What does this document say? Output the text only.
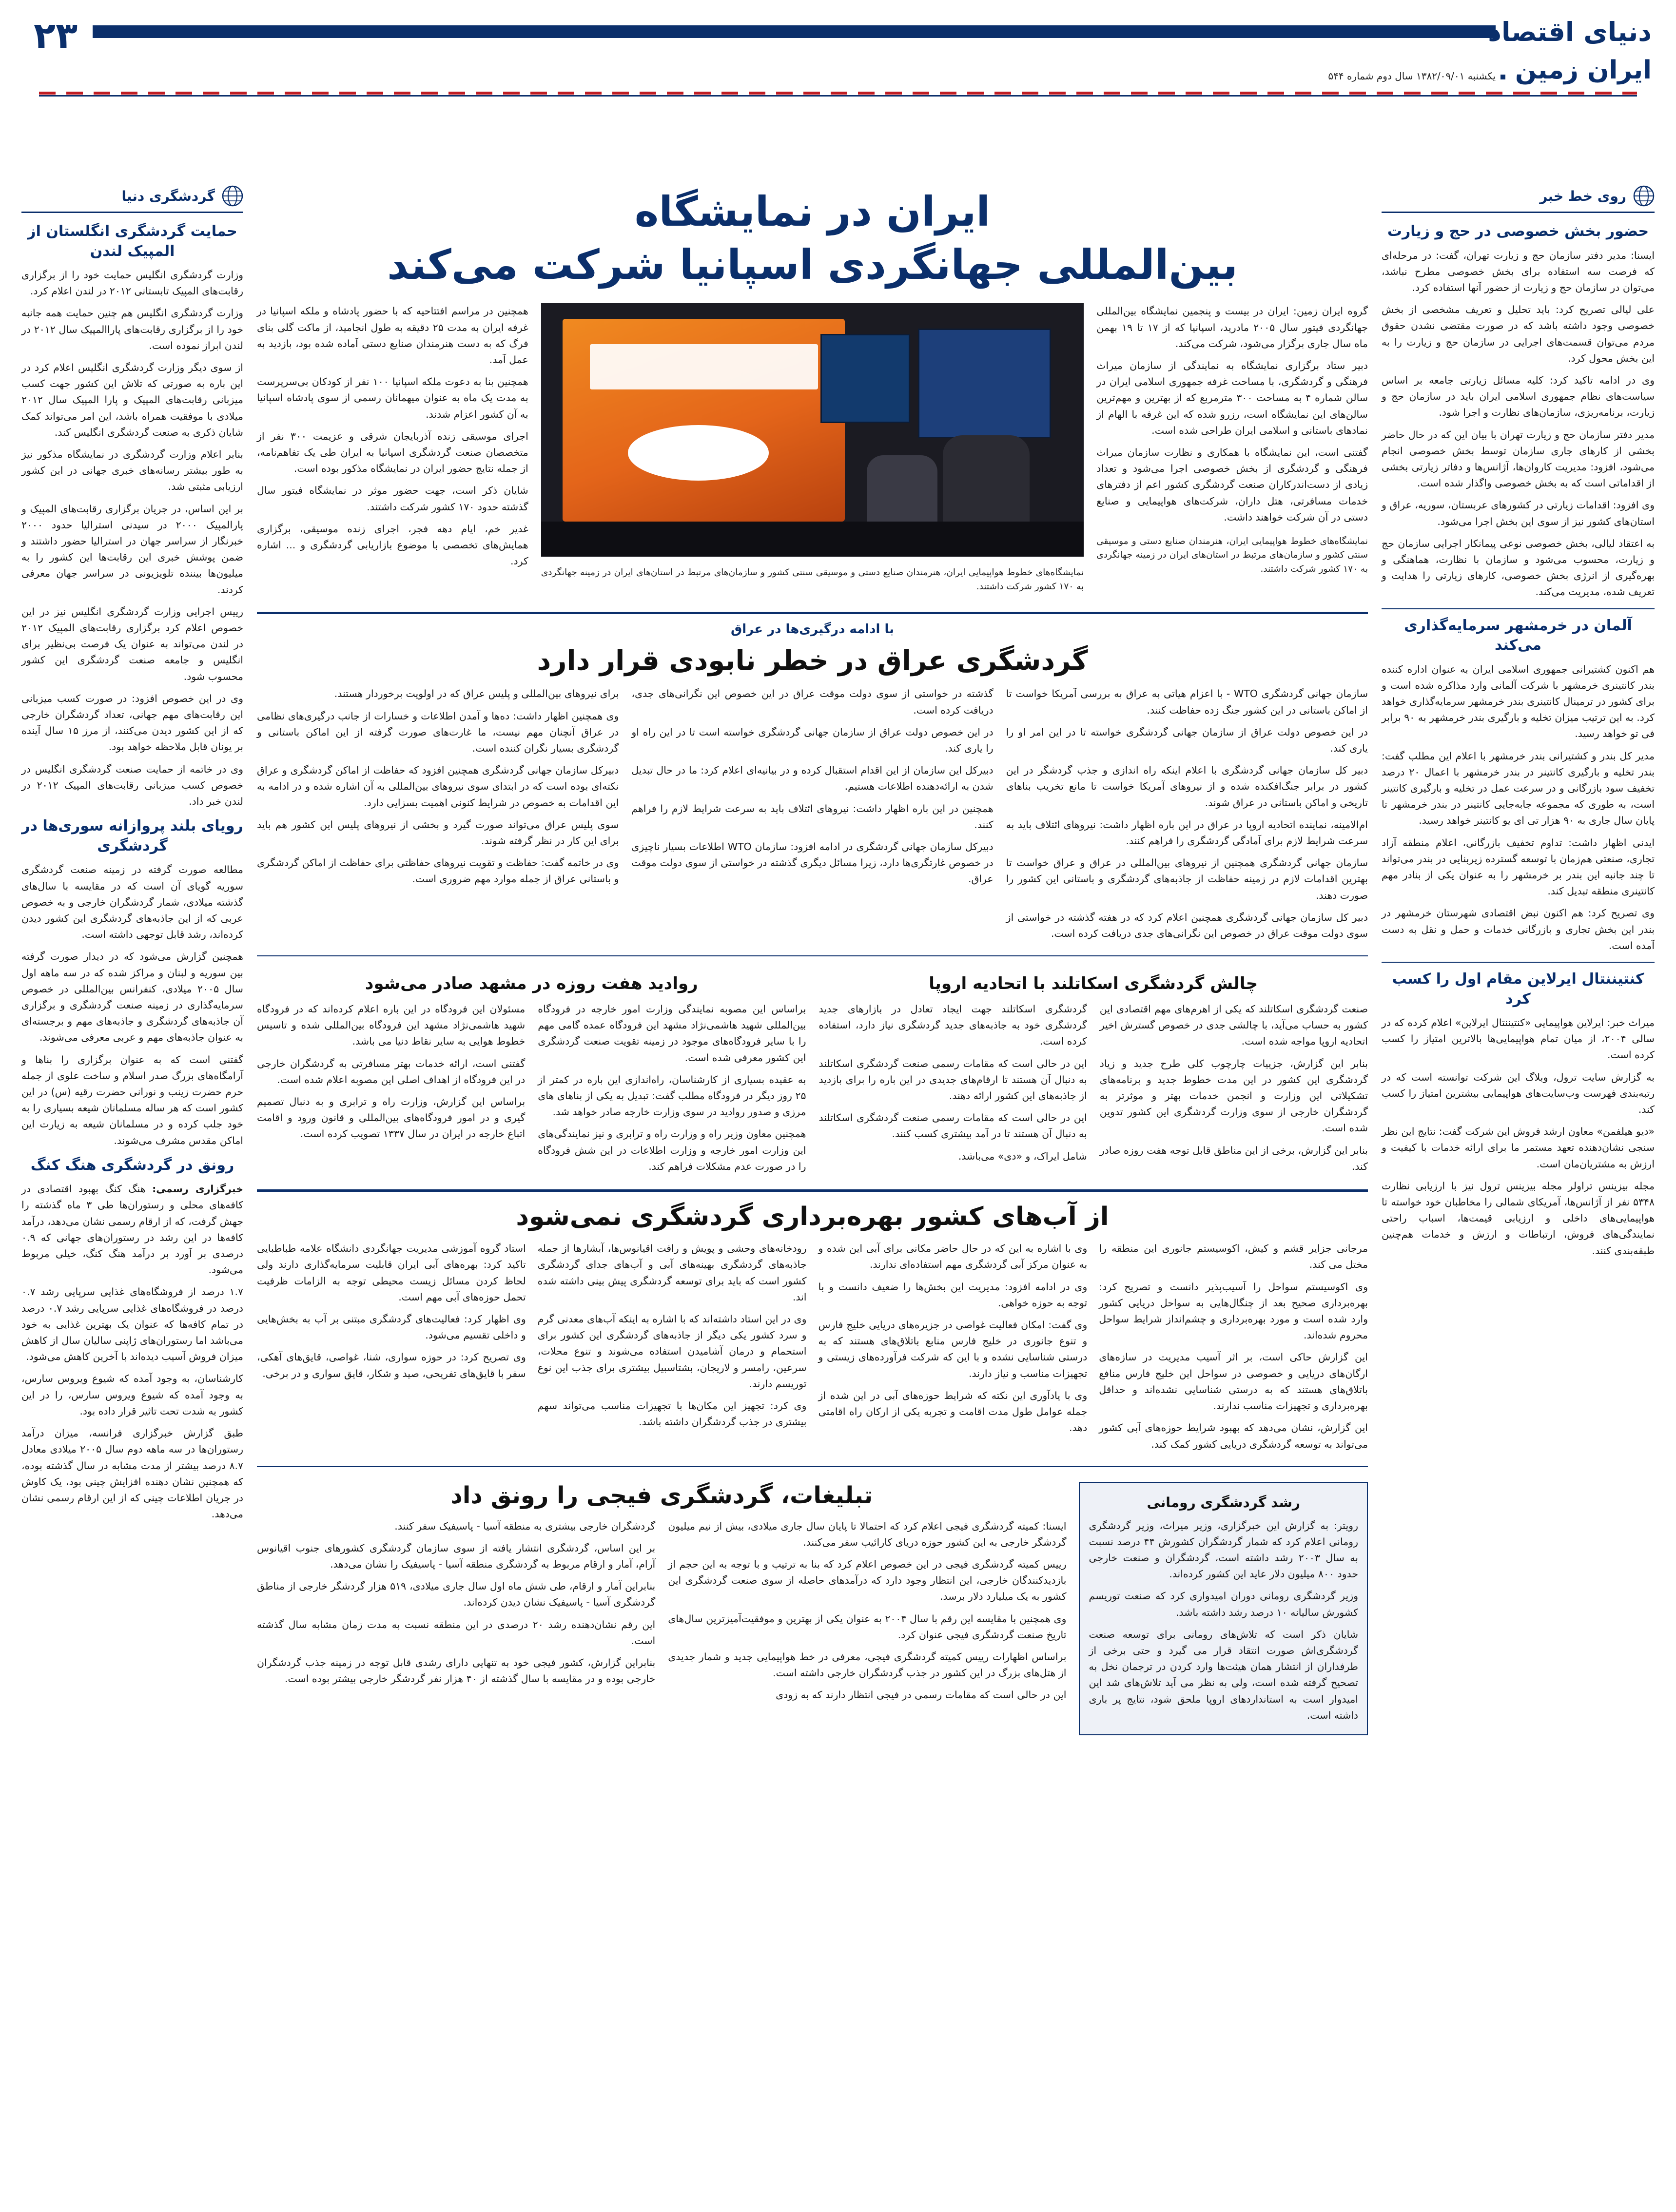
۲۳	دنیای اقتصاد
ایران زمین
یکشنبه ۱۳۸۲/۰۹/۰۱ سال دوم شماره ۵۴۴
روی خط خبر
حضور بخش خصوصی در حج و زیارت

ایسنا: مدیر دفتر سازمان حج و زیارت تهران، گفت: در مرحله‌ای که فرصت سه استفاده برای بخش خصوصی مطرح نباشد، می‌توان در سازمان حج و زیارت از حضور آنها استفاده کرد.

علی لیالی تصریح کرد: باید تحلیل و تعریف مشخصی از بخش خصوصی وجود داشته باشد که در صورت مقتضی نشدن حقوق مردم می‌توان قسمت‌های اجرایی در سازمان حج و زیارت را به این بخش محول کرد.

وی در ادامه تاکید کرد: کلیه مسائل زیارتی جامعه بر اساس سیاست‌های نظام جمهوری اسلامی ایران باید در سازمان حج و زیارت، برنامه‌ریزی، سازمان‌های نظارت و اجرا شود.

مدیر دفتر سازمان حج و زیارت تهران با بیان این که در حال حاضر بخشی از کارهای جاری سازمان توسط بخش خصوصی انجام می‌شود، افزود: مدیریت کاروان‌ها، آژانس‌ها و دفاتر زیارتی بخشی از اقداماتی است که به بخش خصوصی واگذار شده است.

وی افزود: اقدامات زیارتی در کشورهای عربستان، سوریه، عراق و استان‌های کشور نیز از سوی این بخش اجرا می‌شود.

به اعتقاد لیالی، بخش خصوصی نوعی پیمانکار اجرایی سازمان حج و زیارت، محسوب می‌شود و سازمان با نظارت، هماهنگی و بهره‌گیری از انرژی بخش خصوصی، کارهای زیارتی را هدایت و تعریف شده، مدیریت می‌کند.

آلمان در خرمشهر سرمایه‌گذاری می‌کند

هم اکنون کشتیرانی جمهوری اسلامی ایران به عنوان اداره کننده بندر کانتینری خرمشهر با شرکت آلمانی وارد مذاکره شده است و برای کشور در ترمینال کانتینری بندر خرمشهر سرمایه‌گذاری خواهد کرد. به این ترتیب میزان تخلیه و بارگیری بندر خرمشهر به ۹۰ برابر فی تو خواهد رسید.

مدیر کل بندر و کشتیرانی بندر خرمشهر با اعلام این مطلب گفت: بندر تخلیه و بارگیری کانتینر در بندر خرمشهر با اعمال ۲۰ درصد تخفیف سود بازرگانی و در سرعت عمل در تخلیه و بارگیری کانتینر است، به طوری که مجموعه جابه‌جایی کانتینر در بندر خرمشهر تا پایان سال جاری به ۹۰ هزار تی ای یو کانتینر خواهد رسید.

ایدنی اظهار داشت: تداوم تخفیف بازرگانی، اعلام منطقه آزاد تجاری، صنعتی هم‌زمان با توسعه گسترده زیربنایی در بندر می‌تواند تا چند جانبه این بندر بر خرمشهر را به عنوان یکی از بنادر مهم کانتینری منطقه تبدیل کند.

وی تصریح کرد: هم اکنون نبض اقتصادی شهرستان خرمشهر در بندر این بخش تجاری و بازرگانی خدمات و حمل و نقل به دست آمده است.

کنتیننتال ایرلاین مقام اول را کسب کرد

میراث خبر: ایرلاین هواپیمایی «کنتیننتال ایرلاین» اعلام کرده که در سالی ۲۰۰۴، از میان تمام هواپیمایی‌ها بالاترین امتیاز را کسب کرده است.

به گزارش سایت ترول، وبلاگ این شرکت توانسته است که در رتبه‌بندی فهرست وب‌سایت‌های هواپیمایی بیشترین امتیاز را کسب کند.

«دیو هیلفمن» معاون ارشد فروش این شرکت گفت: نتایج این نظر سنجی نشان‌دهنده تعهد مستمر ما برای ارائه خدمات با کیفیت و ارزش به مشتریان‌مان است.

مجله بیزینس تراولر مجله بیزینس ترول نیز با ارزیابی نظارت ۵۳۴۸ نفر از آژانس‌ها، آمریکای شمالی را مخاطبان خود خواسته تا هواپیمایی‌های داخلی و ارزیابی قیمت‌ها، اسباب راحتی نمایندگی‌های فروش، ارتباطات و ارزش و خدمات هم‌چنین طبقه‌بندی کنند.

گردشگری دنیا
حمایت گردشگری انگلستان از المپیک لندن

وزارت گردشگری انگلیس حمایت خود را از برگزاری رقابت‌های المپیک تابستانی ۲۰۱۲ در لندن اعلام کرد.

وزارت گردشگری انگلیس هم چنین حمایت همه جانبه خود را از برگزاری رقابت‌های پاراالمپیک سال ۲۰۱۲ در لندن ابراز نموده است.

از سوی دیگر وزارت گردشگری انگلیس اعلام کرد در این باره به صورتی که تلاش این کشور جهت کسب میزبانی رقابت‌های المپیک و پارا المپیک سال ۲۰۱۲ میلادی با موفقیت همراه باشد، این امر می‌تواند کمک شایان ذکری به صنعت گردشگری انگلیس کند.

بنابر اعلام وزارت گردشگری در نمایشگاه مذکور نیز به طور بیشتر رسانه‌های خبری جهانی در این کشور ارزیابی مثبتی شد.

بر این اساس، در جریان برگزاری رقابت‌های المپیک و پارالمپیک ۲۰۰۰ در سیدنی استرالیا حدود ۲۰۰۰ خبرنگار از سراسر جهان در استرالیا حضور داشتند و ضمن پوشش خبری این رقابت‌ها این کشور را به میلیون‌ها بیننده تلویزیونی در سراسر جهان معرفی کردند.

رییس اجرایی وزارت گردشگری انگلیس نیز در این خصوص اعلام کرد برگزاری رقابت‌های المپیک ۲۰۱۲ در لندن می‌تواند به عنوان یک فرصت بی‌نظیر برای انگلیس و جامعه صنعت گردشگری این کشور محسوب شود.

وی در این خصوص افزود: در صورت کسب میزبانی این رقابت‌های مهم جهانی، تعداد گردشگران خارجی که از این کشور دیدن می‌کنند، از مرز ۱۵ سال آینده بر یونان قابل ملاحظه خواهد بود.

وی در خاتمه از حمایت صنعت گردشگری انگلیس در خصوص کسب میزبانی رقابت‌های المپیک ۲۰۱۲ در لندن خبر داد.

رویای بلند پروازانه سوری‌ها در گردشگری

مطالعه صورت گرفته در زمینه صنعت گردشگری سوریه گویای آن است که در مقایسه با سال‌های گذشته میلادی، شمار گردشگران خارجی و به خصوص عربی که از این جاذبه‌های گردشگری این کشور دیدن کرده‌اند، رشد قابل توجهی داشته است.

همچنین گزارش می‌شود که در دیدار صورت گرفته بین سوریه و لبنان و مراکز شده که در سه ماهه اول سال ۲۰۰۵ میلادی، کنفرانس بین‌المللی در خصوص سرمایه‌گذاری در زمینه صنعت گردشگری و برگزاری آن جاذبه‌های گردشگری و جاذبه‌های مهم و برجسته‌ای به عنوان جاذبه‌های مهم و عربی معرفی می‌شوند.

گفتنی است که به عنوان برگزاری را بناها و آرامگاه‌های بزرگ صدر اسلام و ساخت علوی از جمله حرم حضرت زینب و نورانی حضرت رقیه (س) در این کشور است که هر ساله مسلمانان شیعه بسیاری را به خود جلب کرده و در مسلمانان شیعه به زیارت این اماکن مقدس مشرف می‌شوند.

رونق در گردشگری هنگ کنگ

خبرگزاری رسمی: هنگ کنگ بهبود اقتصادی در کافه‌های محلی و رستوران‌ها طی ۳ ماه گذشته را جهش گرفت، که از ارقام رسمی نشان می‌دهد، درآمد کافه‌ها در این رشد در رستوران‌های جهانی که ۰.۹ درصدی بر آورد بر درآمد هنگ کنگ، خیلی مربوط می‌شود.

۱.۷ درصد از فروشگاه‌های غذایی سرپایی رشد ۰.۷ درصد در فروشگاه‌های غذایی سرپایی رشد ۰.۷ درصد در تمام کافه‌ها که عنوان یک بهترین غذایی به خود می‌باشد اما رستوران‌های ژاپنی سالیان سال از کاهش میزان فروش آسیب دیده‌اند با آخرین کاهش می‌شود.

کارشناسان، به وجود آمده که شیوع ویروس سارس، به وجود آمده که شیوع ویروس سارس، را در این کشور به شدت تحت تاثیر قرار داده بود.

طبق گزارش خبرگزاری فرانسه، میزان درآمد رستوران‌ها در سه ماهه دوم سال ۲۰۰۵ میلادی معادل ۸.۷ درصد بیشتر از مدت مشابه در سال گذشته بوده، که همچنین نشان دهنده افزایش چینی بود، یک کاوش در جریان اطلاعات چینی که از این ارقام رسمی نشان می‌دهد.

ایران در نمایشگاه
بین‌المللی جهانگردی اسپانیا شرکت می‌کند

گروه ایران زمین: ایران در بیست و پنجمین نمایشگاه بین‌المللی جهانگردی فیتور سال ۲۰۰۵ مادرید، اسپانیا که از ۱۷ تا ۱۹ بهمن ماه سال جاری برگزار می‌شود، شرکت می‌کند.

دبیر ستاد برگزاری نمایشگاه به نمایندگی از سازمان میراث فرهنگی و گردشگری، با مساحت غرفه جمهوری اسلامی ایران در سالن شماره ۴ به مساحت ۳۰۰ مترمربع که از بهترین و مهم‌ترین سالن‌های این نمایشگاه است، رزرو شده که این غرفه با الهام از نمادهای باستانی و اسلامی ایران طراحی شده است.

گفتنی است، این نمایشگاه با همکاری و نظارت سازمان میراث فرهنگی و گردشگری از بخش خصوصی اجرا می‌شود و تعداد زیادی از دست‌اندرکاران صنعت گردشگری کشور اعم از دفترهای خدمات مسافرتی، هتل داران، شرکت‌های هواپیمایی و صنایع دستی در آن شرکت خواهند داشت.

نمایشگاه‌های خطوط هواپیمایی ایران، هنرمندان صنایع دستی و موسیقی سنتی کشور و سازمان‌های مرتبط در استان‌های ایران در زمینه جهانگردی به ۱۷۰ کشور شرکت داشتند.

نمایشگاه‌های خطوط هواپیمایی ایران، هنرمندان صنایع دستی و موسیقی سنتی کشور و سازمان‌های مرتبط در استان‌های ایران در زمینه جهانگردی به ۱۷۰ کشور شرکت داشتند.

همچنین در مراسم افتتاحیه که با حضور پادشاه و ملکه اسپانیا در غرفه ایران به مدت ۲۵ دقیقه به طول انجامید، از ماکت گلی بنای فرگ که به دست هنرمندان صنایع دستی آماده شده بود، بازدید به عمل آمد.

همچنین بنا به دعوت ملکه اسپانیا ۱۰۰ نفر از کودکان بی‌سرپرست به مدت یک ماه به عنوان میهمانان رسمی از سوی پادشاه اسپانیا به آن کشور اعزام شدند.

اجرای موسیقی زنده آذربایجان شرقی و عزیمت ۳۰۰ نفر از متخصصان صنعت گردشگری اسپانیا به ایران طی یک تفاهم‌نامه، از جمله نتایج حضور ایران در نمایشگاه مذکور بوده است.

شایان ذکر است، جهت حضور موثر در نمایشگاه فیتور سال گذشته حدود ۱۷۰ کشور شرکت داشتند.

غدیر خم، ایام دهه فجر، اجرای زنده موسیقی، برگزاری همایش‌های تخصصی با موضوع بازاریابی گردشگری و ... اشاره کرد.

با ادامه درگیری‌ها در عراق
گردشگری عراق در خطر نابودی قرار دارد

سازمان جهانی گردشگری WTO - با اعزام هیاتی به عراق به بررسی آمریکا خواست تا از اماکن باستانی در این کشور جنگ زده حفاظت کنند.

در این خصوص دولت عراق از سازمان جهانی گردشگری خواسته تا در این امر او را یاری کند.

دبیر کل سازمان جهانی گردشگری با اعلام اینکه راه اندازی و جذب گردشگر در این کشور در برابر جنگ‌افکنده شده و از نیروهای آمریکا خواست تا مانع تخریب بناهای تاریخی و اماکن باستانی در عراق شوند.

ام‌الامینه، نماینده اتحادیه اروپا در عراق در این باره اظهار داشت: نیروهای ائتلاف باید به سرعت شرایط لازم برای آمادگی گردشگری را فراهم کنند.

سازمان جهانی گردشگری همچنین از نیروهای بین‌المللی در عراق و عراق خواست تا بهترین اقدامات لازم در زمینه حفاظت از جاذبه‌های گردشگری و باستانی این کشور را صورت دهند.

دبیر کل سازمان جهانی گردشگری همچنین اعلام کرد که در هفته گذشته در خواستی از سوی دولت موقت عراق در خصوص این نگرانی‌های جدی دریافت کرده است.

گذشته در خواستی از سوی دولت موقت عراق در این خصوص این نگرانی‌های جدی، دریافت کرده است.

در این خصوص دولت عراق از سازمان جهانی گردشگری خواسته است تا در این راه او را یاری کند.

دبیرکل این سازمان از این اقدام استقبال کرده و در بیانیه‌ای اعلام کرد: ما در حال تبدیل شدن به ارائه‌دهنده اطلاعات هستیم.

همچنین در این باره اظهار داشت: نیروهای ائتلاف باید به سرعت شرایط لازم را فراهم کنند.

دبیرکل سازمان جهانی گردشگری در ادامه افزود: سازمان WTO اطلاعات بسیار ناچیزی در خصوص غارتگری‌ها دارد، زیرا مسائل دیگری گذشته در خواستی از سوی دولت موقت عراق.

برای نیروهای بین‌المللی و پلیس عراق که در اولویت برخوردار هستند.

وی همچنین اظهار داشت: ده‌ها و آمدن اطلاعات و خسارات از جانب درگیری‌های نظامی در عراق آنچنان مهم نیست، ما غارت‌های صورت گرفته از این اماکن باستانی و گردشگری بسیار نگران کننده است.

دبیرکل سازمان جهانی گردشگری همچنین افزود که حفاظت از اماکن گردشگری و عراق نکته‌ای بوده است که در ابتدای سوی نیروهای بین‌المللی به آن اشاره شده و در ادامه به این اقدامات به خصوص در شرایط کنونی اهمیت بسزایی دارد.

سوی پلیس عراق می‌تواند صورت گیرد و بخشی از نیروهای پلیس این کشور هم باید برای این کار در نظر گرفته شوند.

وی در خاتمه گفت: حفاظت و تقویت نیروهای حفاظتی برای حفاظت از اماکن گردشگری و باستانی عراق از جمله موارد مهم ضروری است.

چالش گردشگری اسکاتلند با اتحادیه اروپا

صنعت گردشگری اسکاتلند که یکی از اهرم‌های مهم اقتصادی این کشور به حساب می‌آید، با چالشی جدی در خصوص گسترش اخیر اتحادیه اروپا مواجه شده است.

بنابر این گزارش، جزییات چارچوب کلی طرح جدید و زیاد گردشگری این کشور در این مدت خطوط جدید و برنامه‌های تشکیلاتی این وزارت و انجمن خدمات بهتر و موثرتر به گردشگران خارجی از سوی وزارت گردشگری این کشور تدوین شده است.

بنابر این گزارش، برخی از این مناطق قابل توجه هفت روزه صادر کند.

گردشگری اسکاتلند جهت ایجاد تعادل در بازارهای جدید گردشگری خود به جاذبه‌های جدید گردشگری نیاز دارد، استفاده کرده است.

این در حالی است که مقامات رسمی صنعت گردشگری اسکاتلند به دنبال آن هستند تا ارقام‌های جدیدی در این باره را برای بازدید از جاذبه‌های این کشور ارائه دهند.

این در حالی است که مقامات رسمی صنعت گردشگری اسکاتلند به دنبال آن هستند تا در آمد بیشتری کسب کنند.

شامل ایراک، و «دی» می‌باشد.

روادید هفت روزه در مشهد صادر می‌شود

براساس این مصوبه نمایندگی وزارت امور خارجه در فرودگاه بین‌المللی شهید هاشمی‌نژاد مشهد این فرودگاه عمده گامی مهم را با سایر فرودگاه‌های موجود در زمینه تقویت صنعت گردشگری این کشور معرفی شده است.

به عقیده بسیاری از کارشناسان، راه‌اندازی این باره در کمتر از ۲۵ روز دیگر در فرودگاه مطلب گفت: تبدیل به یکی از بناهای های مرزی و صدور روادید در سوی وزارت خارجه صادر خواهد شد.

همچنین معاون وزیر راه و وزارت راه و ترابری و نیز نمایندگی‌های این وزارت امور خارجه و وزارت اطلاعات در این شش فرودگاه را در صورت عدم مشکلات فراهم کند.

مسئولان این فرودگاه در این باره اعلام کرده‌اند که در فرودگاه شهید هاشمی‌نژاد مشهد این فرودگاه بین‌المللی شده و تاسیس خطوط هوایی به سایر نقاط دنیا می باشد.

گفتنی است، ارائه خدمات بهتر مسافرتی به گردشگران خارجی در این فرودگاه از اهداف اصلی این مصوبه اعلام شده است.

براساس این گزارش، وزارت راه و ترابری و به دنبال تصمیم گیری و در امور فرودگاه‌های بین‌المللی و قانون ورود و اقامت اتباع خارجه در ایران در سال ۱۳۳۷ تصویب کرده است.

از آب‌های کشور بهره‌برداری گردشگری نمی‌شود

مرجانی جزایر قشم و کیش، اکوسیستم جانوری این منطقه را مختل می کند.

وی اکوسیستم سواحل را آسیب‌پذیر دانست و تصریح کرد: بهره‌برداری صحیح بعد از چنگال‌هایی به سواحل دریایی کشور وارد شده است و مورد بهره‌برداری و چشم‌انداز شرایط سواحل محروم شده‌اند.

این گزارش حاکی است، بر اثر آسیب مدیریت در سازه‌های ارگان‌های دریایی و خصوصی در سواحل این خلیج فارس منافع باتلاق‌های هستند که به درستی شناسایی نشده‌اند و حداقل بهره‌برداری و تجهیزات مناسب ندارند.

این گزارش، نشان می‌دهد که بهبود شرایط حوزه‌های آبی کشور می‌تواند به توسعه گردشگری دریایی کشور کمک کند.

وی با اشاره به این که در حال حاضر مکانی برای آبی این شده و به عنوان مرکز آبی گردشگری مهم استفاده‌ای ندارند.

وی در ادامه افزود: مدیریت این بخش‌ها را ضعیف دانست و با توجه به حوزه خواهی.

وی گفت: امکان فعالیت غواصی در جزیره‌های دریایی خلیج فارس و تنوع جانوری در خلیج فارس منابع باتلاق‌های هستند که به درستی شناسایی نشده و با این که شرکت فرآورده‌های زیستی و تجهیزات مناسب و نیاز دارند.

وی با یادآوری این نکته که شرایط حوزه‌های آبی در این شده از جمله عوامل طول مدت اقامت و تجربه یکی از ارکان راه اقامتی دهد.

رودخانه‌های وحشی و پویش و رافت اقیانوس‌ها، آبشارها از جمله جاذبه‌های گردشگری بهینه‌های آبی و آب‌های جدای گردشگری کشور است که باید برای توسعه گردشگری پیش بینی داشته شده اند.

وی در این استاد داشته‌اند که با اشاره به اینکه آب‌های معدنی گرم و سرد کشور یکی دیگر از جاذبه‌های گردشگری این کشور برای استحمام و درمان آشامیدن استفاده می‌شوند و تنوع محلات، سرعین، رامسر و لاریجان، بشتاسبیل بیشتری برای جذب این نوع توریسم دارند.

وی کرد: تجهیز این مکان‌ها با تجهیزات مناسب می‌تواند سهم بیشتری در جذب گردشگران داشته باشد.

استاد گروه آموزشی مدیریت جهانگردی دانشگاه علامه طباطبایی تاکید کرد: بهره‌های آبی ایران قابلیت سرمایه‌گذاری دارند ولی لحاظ کردن مسائل زیست محیطی توجه به الزامات ظرفیت تحمل حوزه‌های آبی مهم است.

وی اظهار کرد: فعالیت‌های گردشگری مبتنی بر آب به بخش‌هایی و داخلی تقسیم می‌شود.

وی تصریح کرد: در حوزه سواری، شنا، غواصی، قایق‌های آهکی، سفر با قایق‌های تفریحی، صید و شکار، قایق سواری و در برخی.

رشد گردشگری رومانی

رویتر: به گزارش این خبرگزاری، وزیر میراث، وزیر گردشگری رومانی اعلام کرد که شمار گردشگران کشورش ۴۴ درصد نسبت به سال ۲۰۰۳ رشد داشته است، گردشگران و صنعت خارجی حدود ۸۰۰ میلیون دلار عاید این کشور کرده‌اند.

وزیر گردشگری رومانی دوران امیدواری کرد که صنعت توریسم کشورش سالیانه ۱۰ درصد رشد داشته باشد.

شایان ذکر است که تلاش‌های رومانی برای توسعه صنعت گردشگری‌اش صورت انتقاد قرار می گیرد و حتی برخی از طرفداران از انتشار همان هیئت‌ها وارد کردن در ترجمان نخل به تصحیح گرفته شده است، ولی به نظر می آید تلاش‌های شد این امیدوار است به استانداردهای اروپا ملحق شود، نتایج پر باری داشته است.

تبلیغات، گردشگری فیجی را رونق داد

ایسنا: کمیته گردشگری فیجی اعلام کرد که احتمالا تا پایان سال جاری میلادی، بیش از نیم میلیون گردشگر خارجی به این کشور حوزه دریای کارائیب سفر می‌کنند.

رییس کمیته گردشگری فیجی در این خصوص اعلام کرد که بنا به ترتیب و با توجه به این حجم از بازدیدکنندگان خارجی، این انتظار وجود دارد که درآمدهای حاصله از سوی صنعت گردشگری این کشور به یک میلیارد دلار برسد.

وی همچنین با مقایسه این رقم با سال ۲۰۰۴ به عنوان یکی از بهترین و موفقیت‌آمیزترین سال‌های تاریخ صنعت گردشگری فیجی عنوان کرد.

براساس اظهارات رییس کمیته گردشگری فیجی، معرفی در خط هواپیمایی جدید و شمار جدیدی از هتل‌های بزرگ در این کشور در جذب گردشگران خارجی داشته است.

این در حالی است که مقامات رسمی در فیجی انتظار دارند که به زودی

گردشگران خارجی بیشتری به منطقه آسیا - پاسیفیک سفر کنند.

بر این اساس، گردشگری انتشار یافته از سوی سازمان گردشگری کشورهای جنوب اقیانوس آرام، آمار و ارقام مربوط به گردشگری منطقه آسیا - پاسیفیک را نشان می‌دهد.

بنابراین آمار و ارقام، طی شش ماه اول سال جاری میلادی، ۵۱۹ هزار گردشگر خارجی از مناطق گردشگری آسیا - پاسیفیک نشان دیدن کرده‌اند.

این رقم نشان‌دهنده رشد ۲۰ درصدی در این منطقه نسبت به مدت زمان مشابه سال گذشته است.

بنابراین گزارش، کشور فیجی خود به تنهایی دارای رشدی قابل توجه در زمینه جذب گردشگران خارجی بوده و در مقایسه با سال گذشته از ۴۰ هزار نفر گردشگر خارجی بیشتر بوده است.
